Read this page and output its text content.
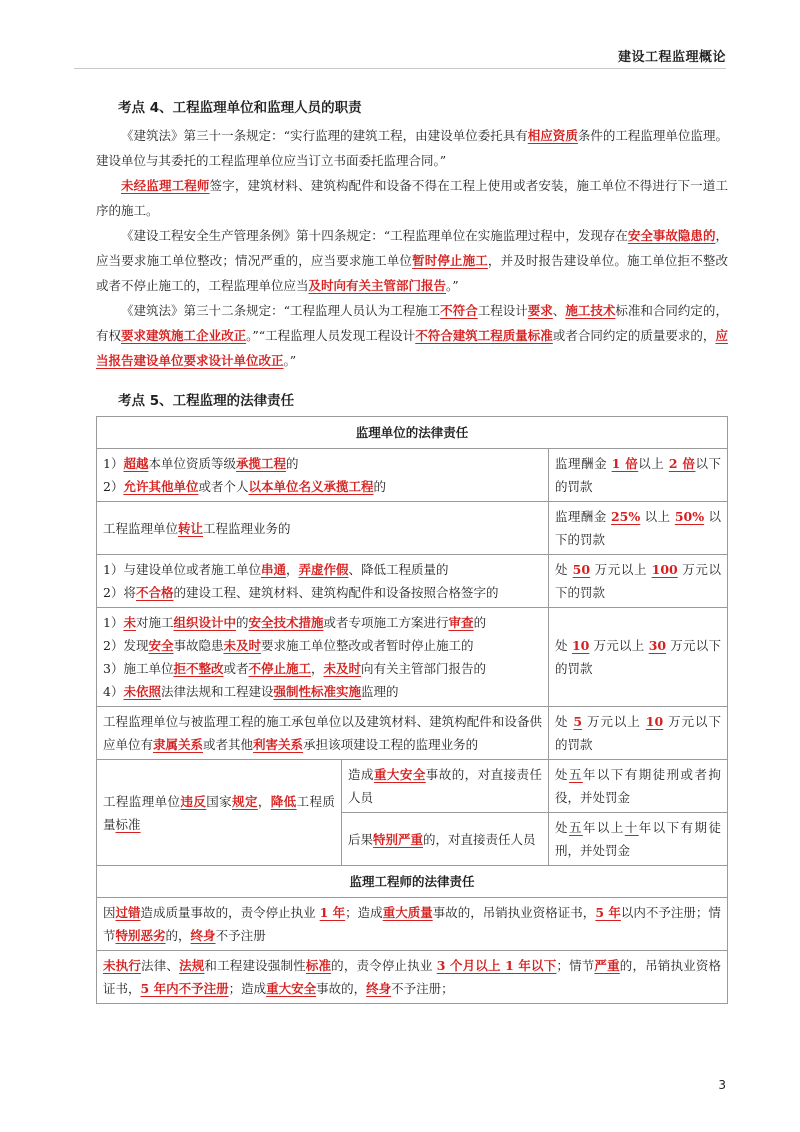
建设工程监理概论
考点 4、工程监理单位和监理人员的职责

《建筑法》第三十一条规定：“实行监理的建筑工程，由建设单位委托具有相应资质条件的工程监理单位监理。建设单位与其委托的工程监理单位应当订立书面委托监理合同。”

未经监理工程师签字，建筑材料、建筑构配件和设备不得在工程上使用或者安装，施工单位不得进行下一道工序的施工。

《建设工程安全生产管理条例》第十四条规定：“工程监理单位在实施监理过程中，发现存在安全事故隐患的，应当要求施工单位整改；情况严重的，应当要求施工单位暂时停止施工，并及时报告建设单位。施工单位拒不整改或者不停止施工的，工程监理单位应当及时向有关主管部门报告。”

《建筑法》第三十二条规定：“工程监理人员认为工程施工不符合工程设计要求、施工技术标准和合同约定的，有权要求建筑施工企业改正。”“工程监理人员发现工程设计不符合建筑工程质量标准或者合同约定的质量要求的，应当报告建设单位要求设计单位改正。”

考点 5、工程监理的法律责任
监理单位的法律责任		

1）超越本单位资质等级承揽工程的
2）允许其他单位或者个人以本单位名义承揽工程的		监理酬金 1 倍以上 2 倍以下的罚款

工程监理单位转让工程监理业务的		监理酬金 25% 以上 50% 以下的罚款

1）与建设单位或者施工单位串通，弄虚作假、降低工程质量的
2）将不合格的建设工程、建筑材料、建筑构配件和设备按照合格签字的		处 50 万元以上 100 万元以下的罚款

1）未对施工组织设计中的安全技术措施或者专项施工方案进行审查的
2）发现安全事故隐患未及时要求施工单位整改或者暂时停止施工的
3）施工单位拒不整改或者不停止施工，未及时向有关主管部门报告的
4）未依照法律法规和工程建设强制性标准实施监理的		处 10 万元以上 30 万元以下的罚款

工程监理单位与被监理工程的施工承包单位以及建筑材料、建筑构配件和设备供应单位有隶属关系或者其他利害关系承担该项建设工程的监理业务的		处 5 万元以上 10 万元以下的罚款
工程监理单位违反国家规定，降低工程质量标准	造成重大安全事故的，对直接责任人员	处五年以下有期徒刑或者拘役，并处罚金
	后果特别严重的，对直接责任人员	处五年以上十年以下有期徒刑，并处罚金
监理工程师的法律责任		
因过错造成质量事故的，责令停止执业 1 年；造成重大质量事故的，吊销执业资格证书，5 年以内不予注册；情节特别恶劣的，终身不予注册		
未执行法律、法规和工程建设强制性标准的，责令停止执业 3 个月以上 1 年以下；情节严重的，吊销执业资格证书，5 年内不予注册；造成重大安全事故的，终身不予注册；		
3
